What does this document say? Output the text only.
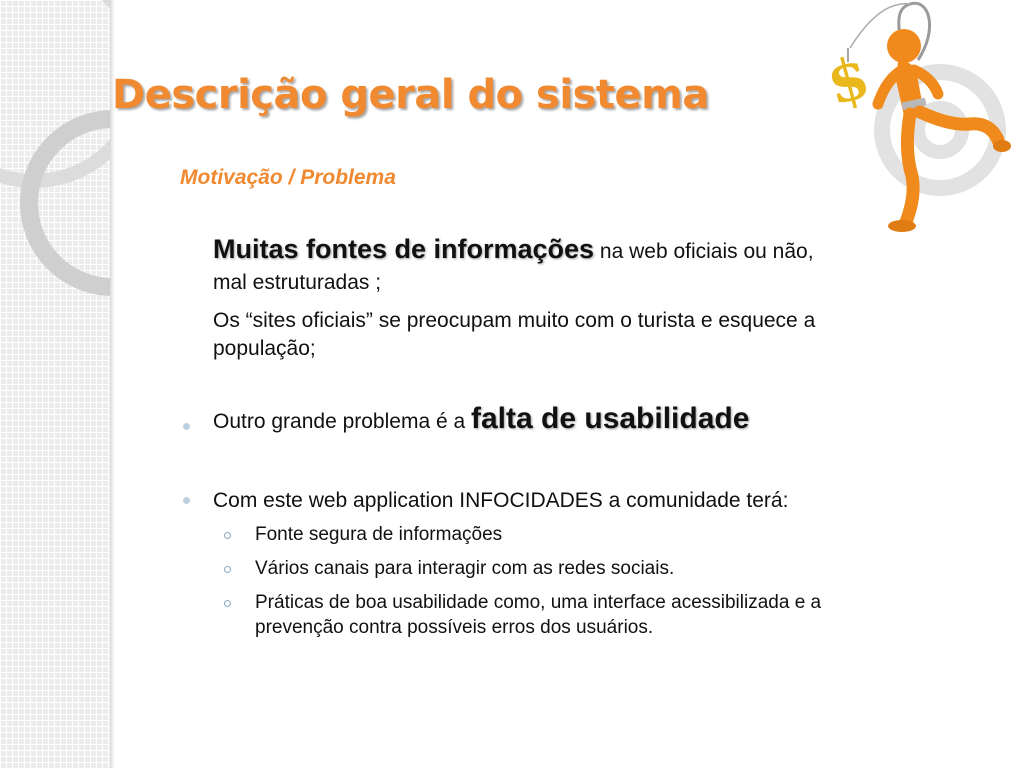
Descrição geral do sistema
Motivação / Problema
Muitas fontes de informações na web oficiais ou não,
mal estruturadas ;
Os “sites oficiais” se preocupam muito com o turista e esquece a
população;
Outro grande problema é a falta de usabilidade
Com este web application INFOCIDADES a comunidade terá:
Fonte segura de informações
Vários canais para interagir com as redes sociais.
Práticas de boa usabilidade como, uma interface acessibilizada e a
prevenção contra possíveis erros dos usuários.
$
